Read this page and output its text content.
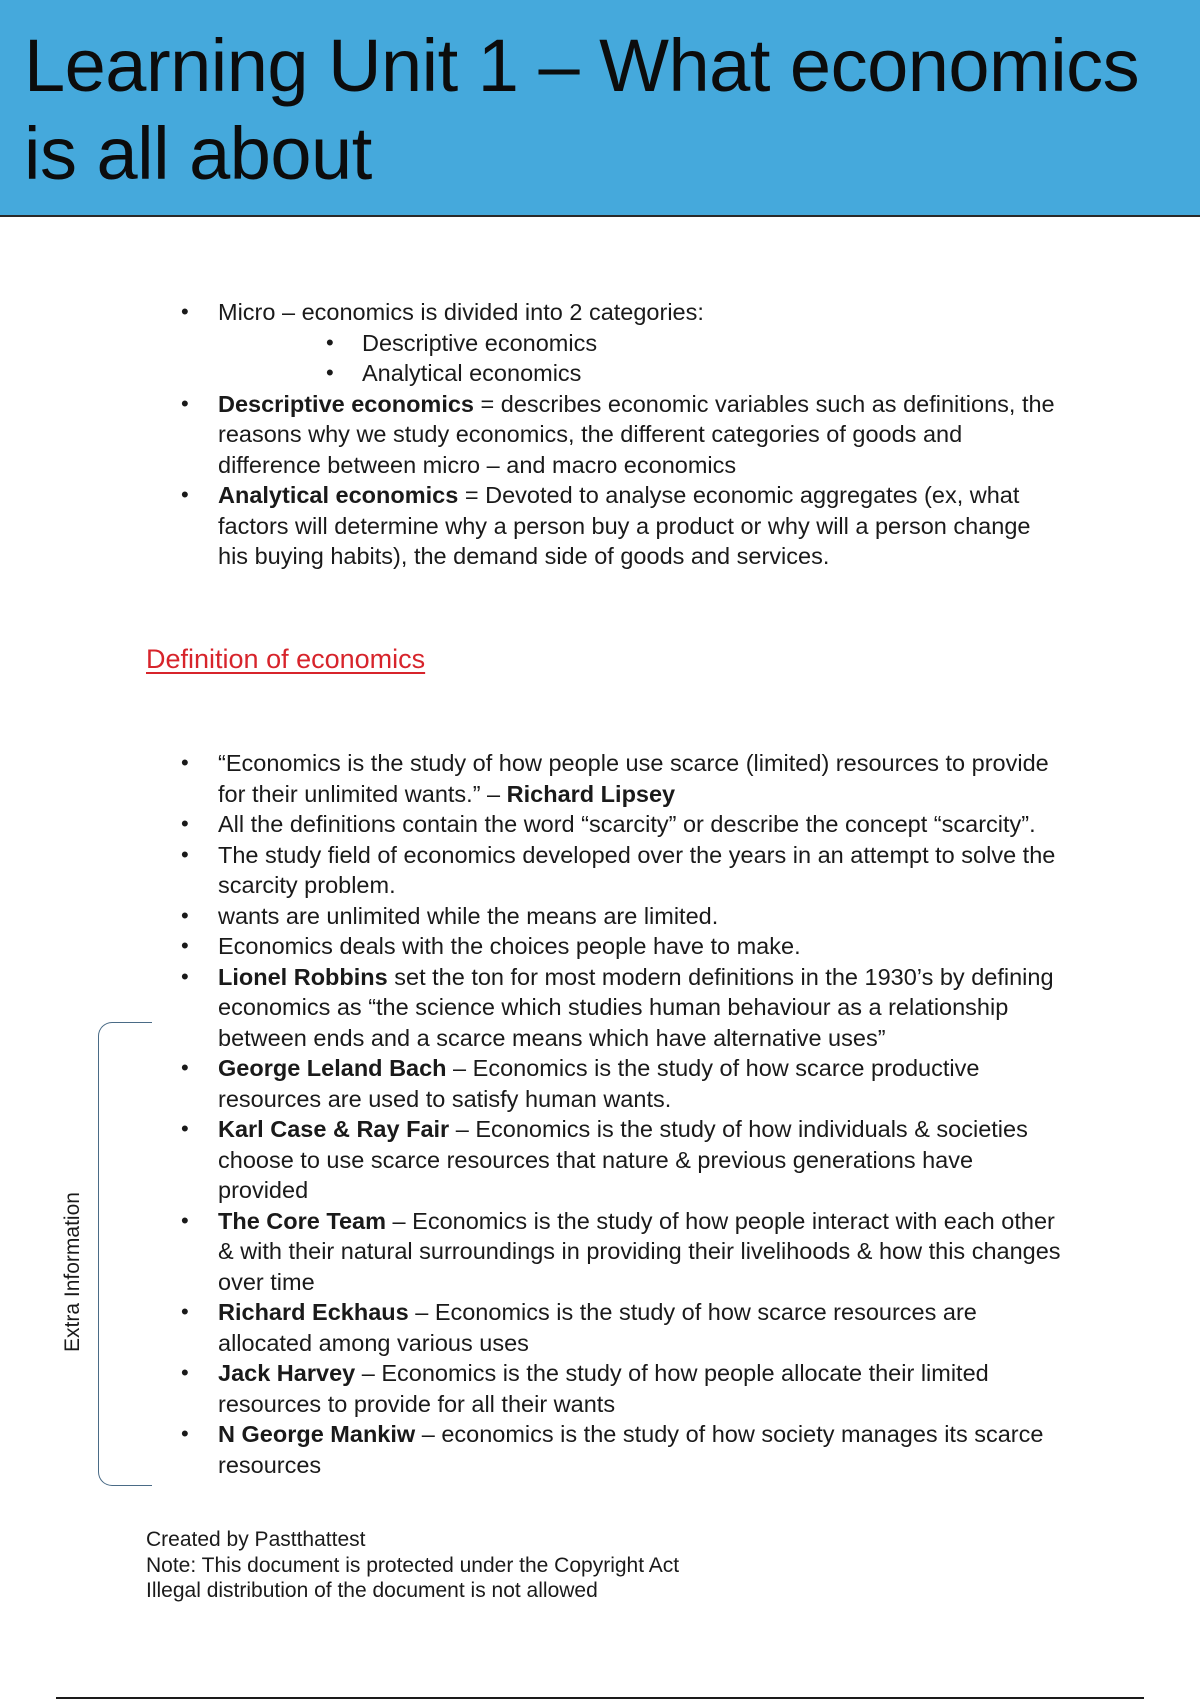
Learning Unit 1 – What economics is all about
• Micro – economics is divided into 2 categories:
• Descriptive economics
• Analytical economics
• Descriptive economics = describes economic variables such as definitions, the reasons why we study economics, the different categories of goods and difference between micro – and macro economics
• Analytical economics = Devoted to analyse economic aggregates (ex, what factors will determine why a person buy a product or why will a person change his buying habits), the demand side of goods and services.
Definition of economics
• “Economics is the study of how people use scarce (limited) resources to provide for their unlimited wants.” – Richard Lipsey
• All the definitions contain the word “scarcity” or describe the concept “scarcity”.
• The study field of economics developed over the years in an attempt to solve the scarcity problem.
• wants are unlimited while the means are limited.
• Economics deals with the choices people have to make.
• Lionel Robbins set the ton for most modern definitions in the 1930’s by defining economics as “the science which studies human behaviour as a relationship between ends and a scarce means which have alternative uses”
• George Leland Bach – Economics is the study of how scarce productive resources are used to satisfy human wants.
• Karl Case & Ray Fair – Economics is the study of how individuals & societies choose to use scarce resources that nature & previous generations have provided
• The Core Team – Economics is the study of how people interact with each other & with their natural surroundings in providing their livelihoods & how this changes over time
• Richard Eckhaus – Economics is the study of how scarce resources are allocated among various uses
• Jack Harvey – Economics is the study of how people allocate their limited resources to provide for all their wants
• N George Mankiw – economics is the study of how society manages its scarce resources
Extra Information
Created by Pastthattest
Note: This document is protected under the Copyright Act
Illegal distribution of the document is not allowed
